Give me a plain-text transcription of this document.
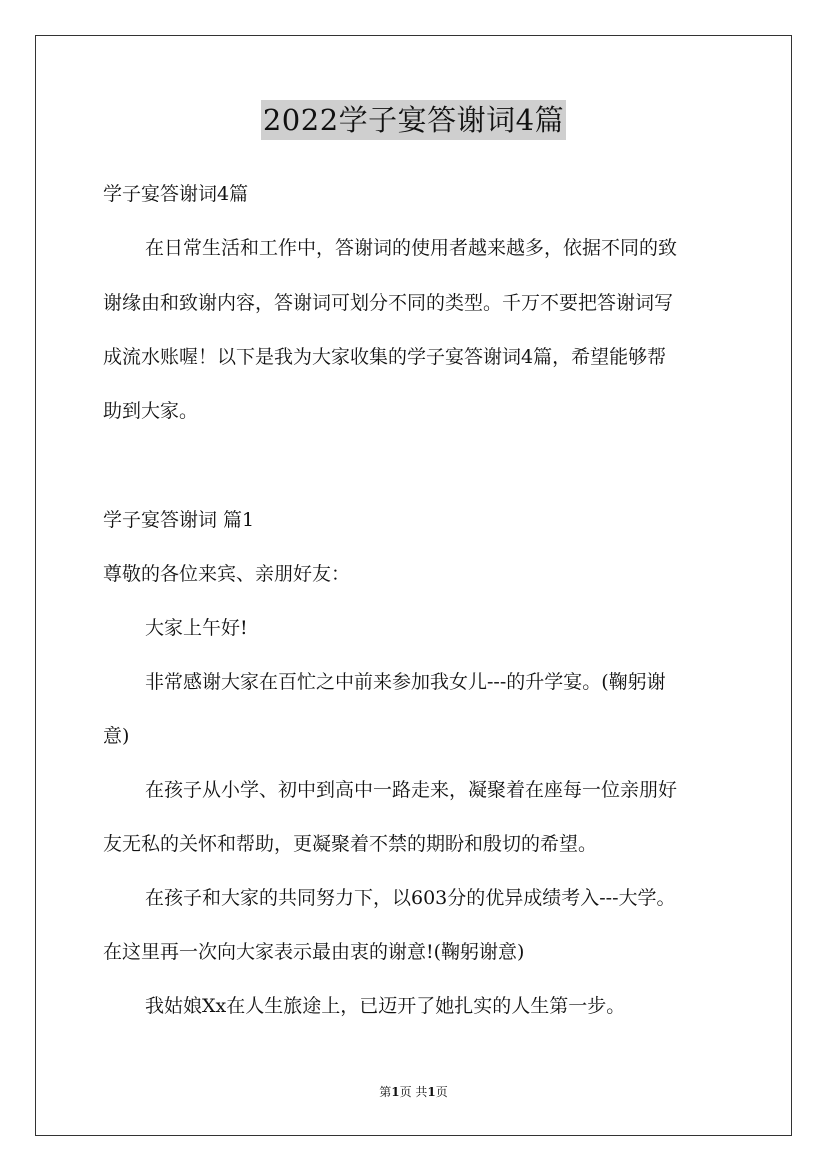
2022学子宴答谢词4篇
学子宴答谢词4篇
在日常生活和工作中，答谢词的使用者越来越多，依据不同的致
谢缘由和致谢内容，答谢词可划分不同的类型。千万不要把答谢词写
成流水账喔！以下是我为大家收集的学子宴答谢词4篇，希望能够帮
助到大家。
学子宴答谢词 篇1
尊敬的各位来宾、亲朋好友：
大家上午好!
非常感谢大家在百忙之中前来参加我女儿---的升学宴。(鞠躬谢
意)
在孩子从小学、初中到高中一路走来，凝聚着在座每一位亲朋好
友无私的关怀和帮助，更凝聚着不禁的期盼和殷切的希望。
在孩子和大家的共同努力下，以603分的优异成绩考入---大学。
在这里再一次向大家表示最由衷的谢意!(鞠躬谢意)
我姑娘Xx在人生旅途上，已迈开了她扎实的人生第一步。
第1页 共1页
